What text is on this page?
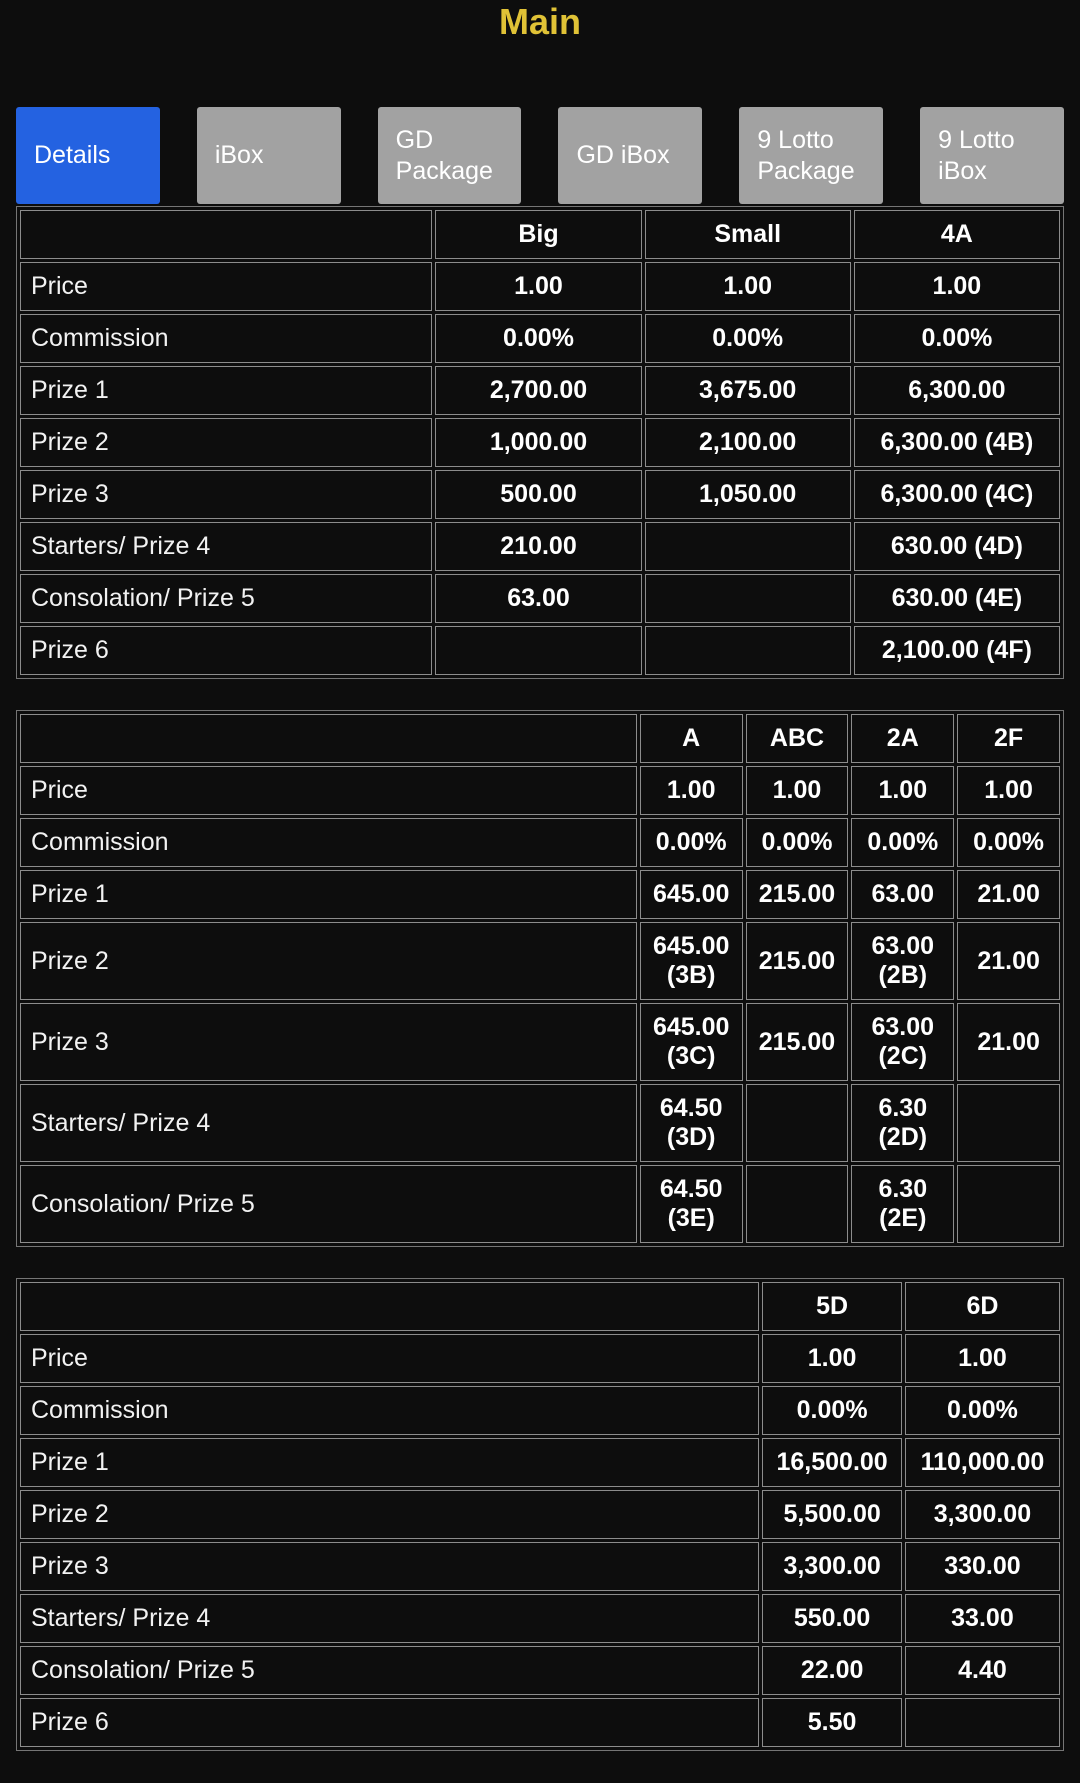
Main
Details	iBox
GD Package
GD iBox
9 Lotto Package
9 Lotto iBox
	Big	Small	4A
Price	1.00	1.00	1.00
Commission	0.00%	0.00%	0.00%
Prize 1	2,700.00	3,675.00	6,300.00
Prize 2	1,000.00	2,100.00	6,300.00 (4B)
Prize 3	500.00	1,050.00	6,300.00 (4C)
Starters/ Prize 4	210.00		630.00 (4D)
Consolation/ Prize 5	63.00		630.00 (4E)
Prize 6			2,100.00 (4F)
	A	ABC	2A	2F
Price	1.00	1.00	1.00	1.00
Commission	0.00%	0.00%	0.00%	0.00%
Prize 1	645.00	215.00	63.00	21.00
Prize 2	645.00 (3B)	215.00	63.00 (2B)	21.00
Prize 3	645.00 (3C)	215.00	63.00 (2C)	21.00
Starters/ Prize 4	64.50 (3D)		6.30 (2D)	
Consolation/ Prize 5	64.50 (3E)		6.30 (2E)	
	5D	6D
Price	1.00	1.00
Commission	0.00%	0.00%
Prize 1	16,500.00	110,000.00
Prize 2	5,500.00	3,300.00
Prize 3	3,300.00	330.00
Starters/ Prize 4	550.00	33.00
Consolation/ Prize 5	22.00	4.40
Prize 6	5.50	
